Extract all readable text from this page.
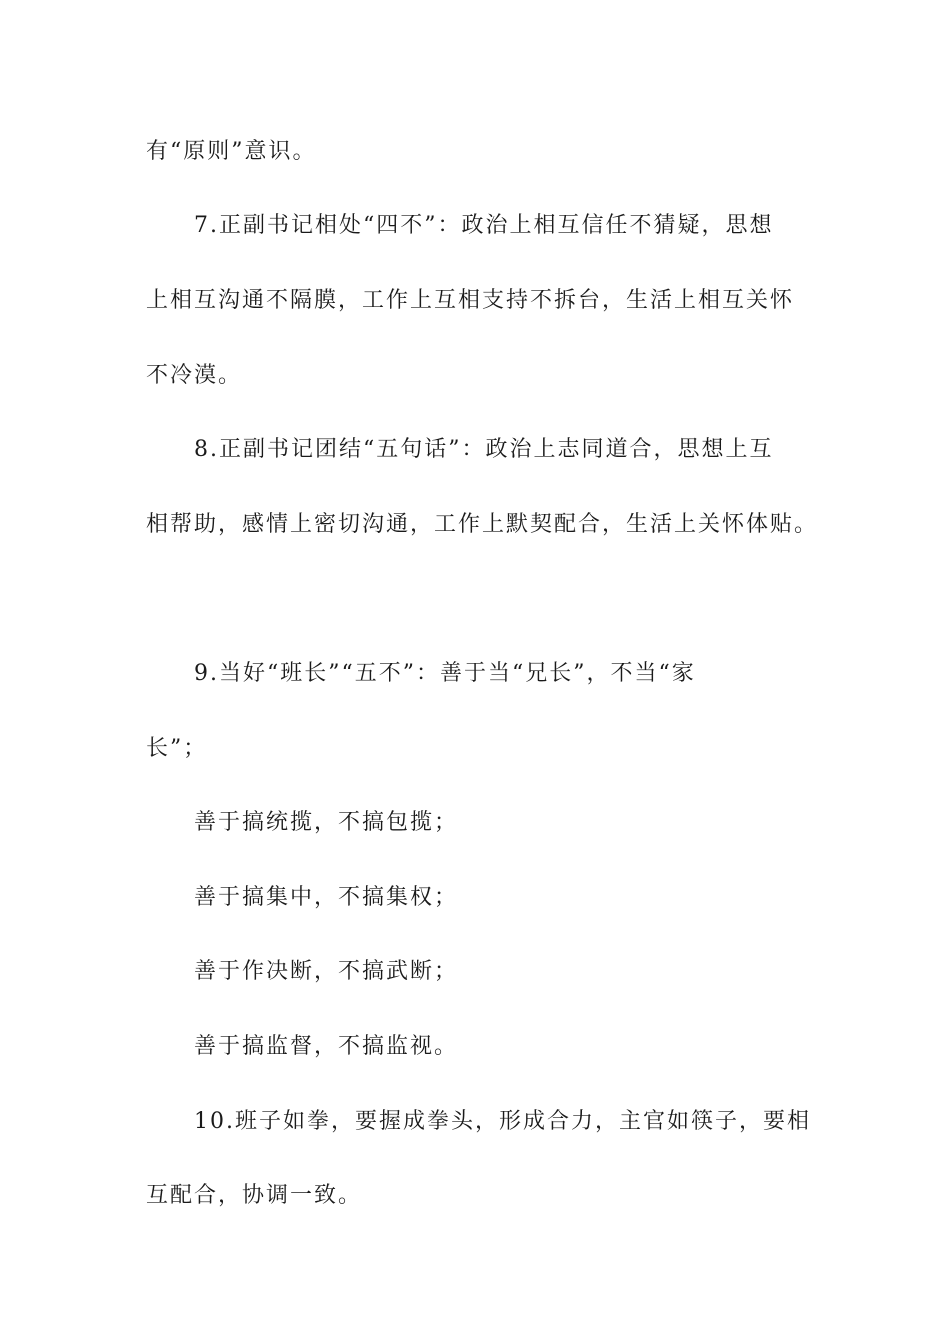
有“原则”意识。
7.正副书记相处“四不”：政治上相互信任不猜疑，思想
上相互沟通不隔膜，工作上互相支持不拆台，生活上相互关怀
不冷漠。
8.正副书记团结“五句话”：政治上志同道合，思想上互
相帮助，感情上密切沟通，工作上默契配合，生活上关怀体贴。
9.当好“班长”“五不”：善于当“兄长”，不当“家
长”；
善于搞统揽，不搞包揽；
善于搞集中，不搞集权；
善于作决断，不搞武断；
善于搞监督，不搞监视。
10.班子如拳，要握成拳头，形成合力，主官如筷子，要相
互配合，协调一致。
